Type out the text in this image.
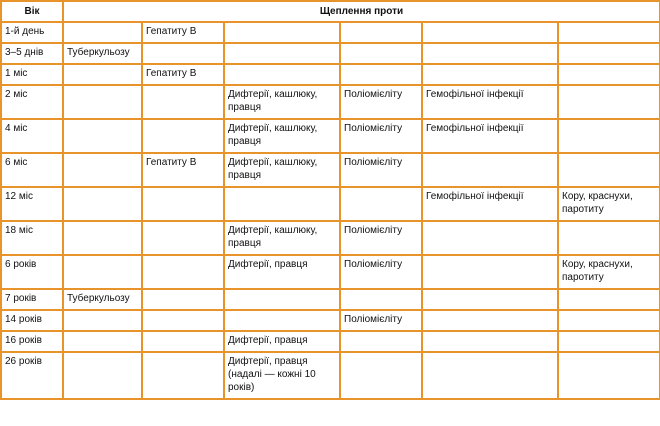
Вік	Щеплення проти					
1-й день		Гепатиту В				
3–5 днів	Туберкульозу					
1 міс		Гепатиту В				
2 міс			Дифтерії, кашлюку, правця	Поліомієліту	Гемофільної інфекції	
4 міс			Дифтерії, кашлюку, правця	Поліомієліту	Гемофільної інфекції	
6 міс		Гепатиту В	Дифтерії, кашлюку, правця	Поліомієліту		
12 міс					Гемофільної інфекції	Кору, краснухи, паротиту
18 міс			Дифтерії, кашлюку, правця	Поліомієліту		
6 років			Дифтерії, правця	Поліомієліту		Кору, краснухи, паротиту
7 років	Туберкульозу					
14 років				Поліомієліту		
16 років			Дифтерії, правця			
26 років			Дифтерії, правця (надалі — кожні 10 років)			
